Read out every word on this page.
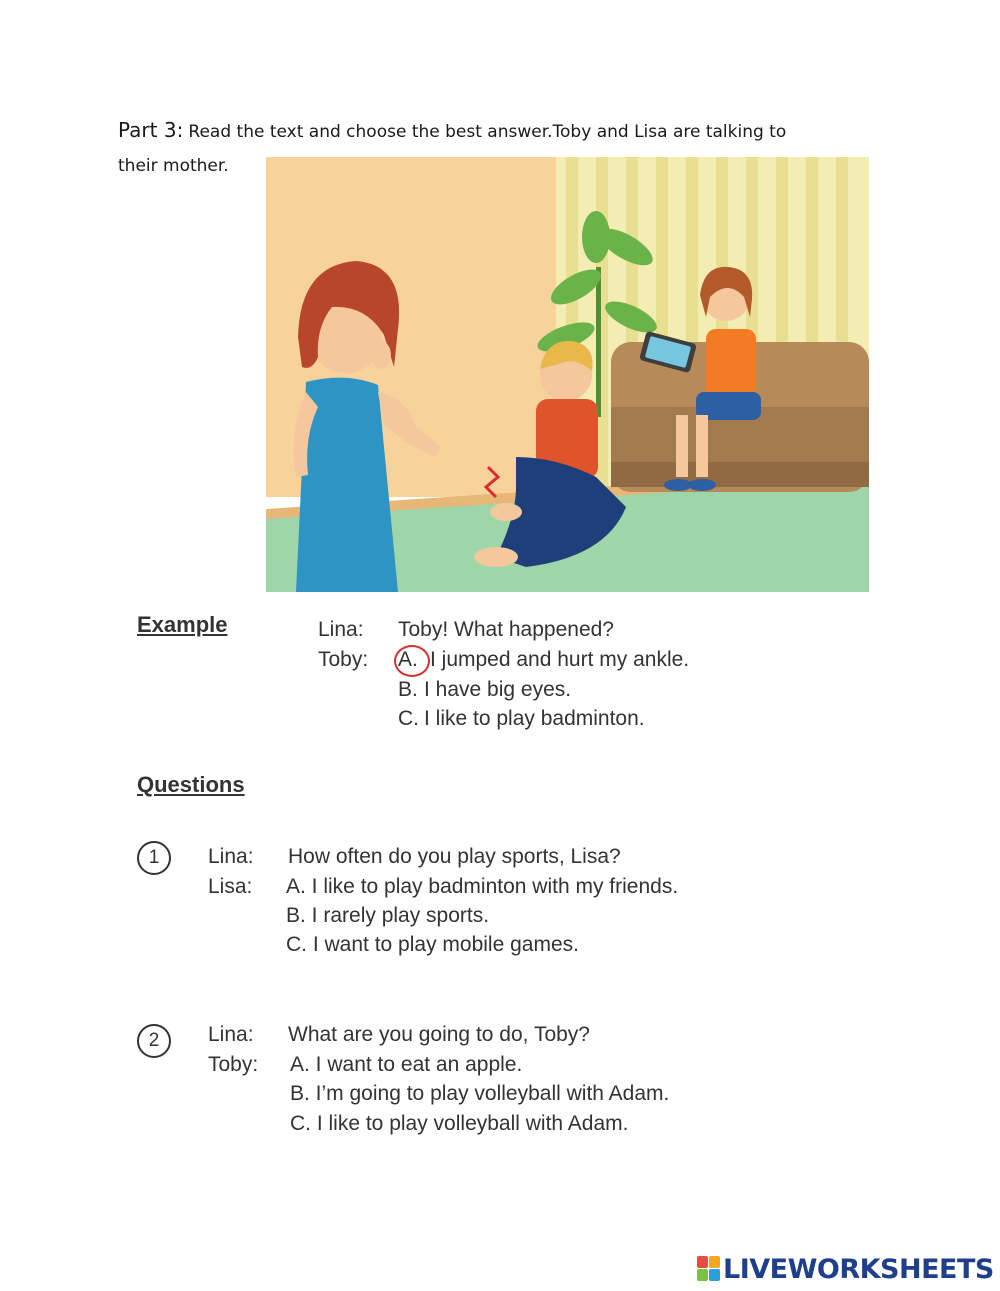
Part 3: Read the text and choose the best answer.Toby and Lisa are talking to
their mother.
Example	Lina: Toby! What happened?
Toby: A. I jumped and hurt my ankle.
B. I have big eyes.
C. I like to play badminton.
Questions
1	Lina: How often do you play sports, Lisa?
Lisa: A. I like to play badminton with my friends.
B. I rarely play sports.
C. I want to play mobile games.
2	Lina: What are you going to do, Toby?
Toby: A. I want to eat an apple.
B. I’m going to play volleyball with Adam.
C. I like to play volleyball with Adam.
LIVEWORKSHEETS
